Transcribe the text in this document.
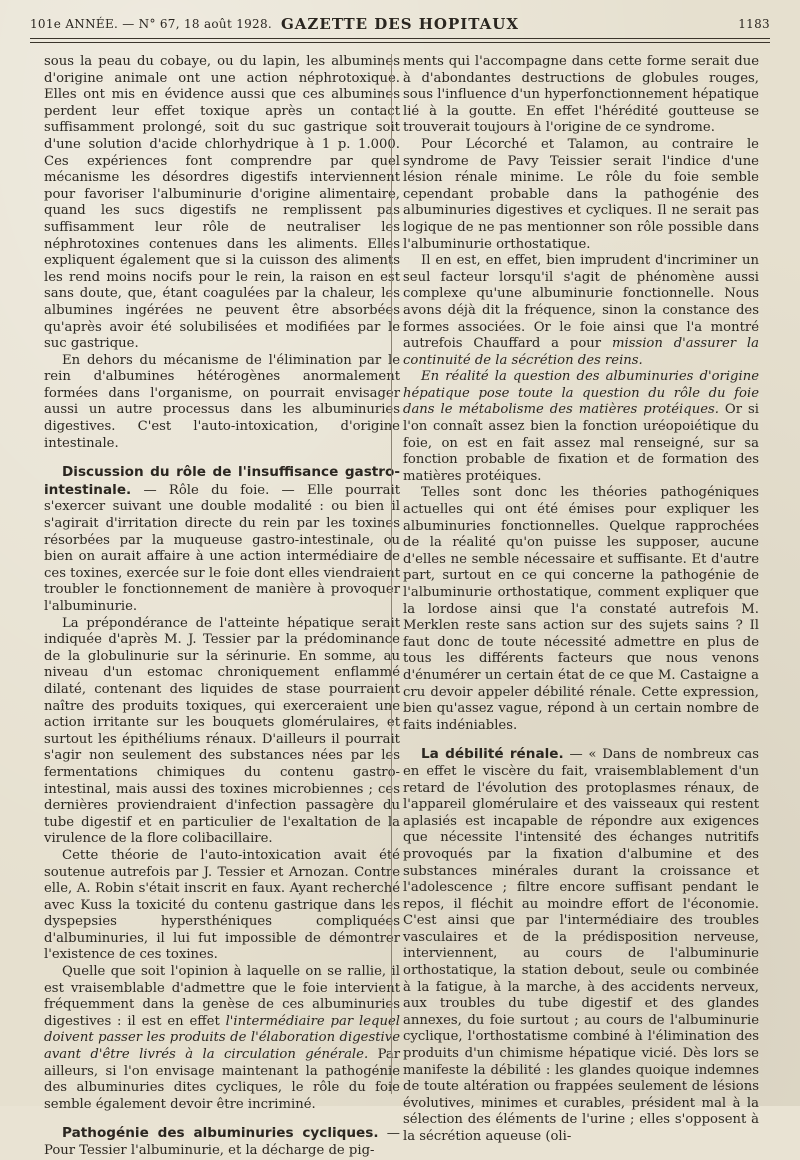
101e ANNÉE. — N° 67, 18 août 1928. GAZETTE DES HOPITAUX	1183

sous la peau du cobaye, ou du lapin, les albumines d'origine animale ont une action néphrotoxique. Elles ont mis en évidence aussi que ces albumines perdent leur effet toxique après un contact suffisamment prolongé, soit du suc gastrique soit d'une solution d'acide chlorhydrique à 1 p. 1.000. Ces expériences font comprendre par quel mécanisme les désordres digestifs interviennent pour favoriser l'albuminurie d'origine alimentaire, quand les sucs digestifs ne remplissent pas suffisamment leur rôle de neutraliser les néphrotoxines contenues dans les aliments. Elles expliquent également que si la cuisson des aliments les rend moins nocifs pour le rein, la raison en est sans doute, que, étant coagulées par la chaleur, les albumines ingérées ne peuvent être absorbées qu'après avoir été solubilisées et modifiées par le suc gastrique.

En dehors du mécanisme de l'élimination par le rein d'albumines hétérogènes anormalement formées dans l'organisme, on pourrait envisager aussi un autre processus dans les albuminuries digestives. C'est l'auto-intoxication, d'origine intestinale.

Discussion du rôle de l'insuffisance gastro-intestinale. — Rôle du foie. — Elle pourrait s'exercer suivant une double modalité : ou bien il s'agirait d'irritation directe du rein par les toxines résorbées par la muqueuse gastro-intestinale, ou bien on aurait affaire à une action intermédiaire de ces toxines, exercée sur le foie dont elles viendraient troubler le fonctionnement de manière à provoquer l'albuminurie.

La prépondérance de l'atteinte hépatique serait indiquée d'après M. J. Tessier par la prédominance de la globulinurie sur la sérinurie. En somme, au niveau d'un estomac chroniquement enflammé dilaté, contenant des liquides de stase pourraient naître des produits toxiques, qui exerceraient une action irritante sur les bouquets glomérulaires, et surtout les épithéliums rénaux. D'ailleurs il pourrait s'agir non seulement des substances nées par les fermentations chimiques du contenu gastro-intestinal, mais aussi des toxines microbiennes ; ces dernières proviendraient d'infection passagère du tube digestif et en particulier de l'exaltation de la virulence de la flore colibacillaire.

Cette théorie de l'auto-intoxication avait été soutenue autrefois par J. Tessier et Arnozan. Contre elle, A. Robin s'était inscrit en faux. Ayant recherché avec Kuss la toxicité du contenu gastrique dans les dyspepsies hypersthéniques compliquées d'albuminuries, il lui fut impossible de démontrer l'existence de ces toxines.

Quelle que soit l'opinion à laquelle on se rallie, il est vraisemblable d'admettre que le foie intervient fréquemment dans la genèse de ces albuminuries digestives : il est en effet l'intermédiaire par lequel doivent passer les produits de l'élaboration digestive avant d'être livrés à la circulation générale. Par ailleurs, si l'on envisage maintenant la pathogénie des albuminuries dites cycliques, le rôle du foie semble également devoir être incriminé.

Pathogénie des albuminuries cycliques. — Pour Tessier l'albuminurie, et la décharge de pig-

ments qui l'accompagne dans cette forme serait due à d'abondantes destructions de globules rouges, sous l'influence d'un hyperfonctionnement hépatique lié à la goutte. En effet l'hérédité goutteuse se trouverait toujours à l'origine de ce syndrome.

Pour Lécorché et Talamon, au contraire le syndrome de Pavy Teissier serait l'indice d'une lésion rénale minime. Le rôle du foie semble cependant probable dans la pathogénie des albuminuries digestives et cycliques. Il ne serait pas logique de ne pas mentionner son rôle possible dans l'albuminurie orthostatique.

Il en est, en effet, bien imprudent d'incriminer un seul facteur lorsqu'il s'agit de phénomène aussi complexe qu'une albuminurie fonctionnelle. Nous avons déjà dit la fréquence, sinon la constance des formes associées. Or le foie ainsi que l'a montré autrefois Chauffard a pour mission d'assurer la continuité de la sécrétion des reins.

En réalité la question des albuminuries d'origine hépatique pose toute la question du rôle du foie dans le métabolisme des matières protéiques. Or si l'on connaît assez bien la fonction uréopoiétique du foie, on est en fait assez mal renseigné, sur sa fonction probable de fixation et de formation des matières protéiques.

Telles sont donc les théories pathogéniques actuelles qui ont été émises pour expliquer les albuminuries fonctionnelles. Quelque rapprochées de la réalité qu'on puisse les supposer, aucune d'elles ne semble nécessaire et suffisante. Et d'autre part, surtout en ce qui concerne la pathogénie de l'albuminurie orthostatique, comment expliquer que la lordose ainsi que l'a constaté autrefois M. Merklen reste sans action sur des sujets sains ? Il faut donc de toute nécessité admettre en plus de tous les différents facteurs que nous venons d'énumérer un certain état de ce que M. Castaigne a cru devoir appeler débilité rénale. Cette expression, bien qu'assez vague, répond à un certain nombre de faits indéniables.

La débilité rénale. — « Dans de nombreux cas en effet le viscère du fait, vraisemblablement d'un retard de l'évolution des protoplasmes rénaux, de l'appareil glomérulaire et des vaisseaux qui restent aplasiés est incapable de répondre aux exigences que nécessite l'intensité des échanges nutritifs provoqués par la fixation d'albumine et des substances minérales durant la croissance et l'adolescence ; filtre encore suffisant pendant le repos, il fléchit au moindre effort de l'économie. C'est ainsi que par l'intermédiaire des troubles vasculaires et de la prédisposition nerveuse, interviennent, au cours de l'albuminurie orthostatique, la station debout, seule ou combinée à la fatigue, à la marche, à des accidents nerveux, aux troubles du tube digestif et des glandes annexes, du foie surtout ; au cours de l'albuminurie cyclique, l'orthostatisme combiné à l'élimination des produits d'un chimisme hépatique vicié. Dès lors se manifeste la débilité : les glandes quoique indemnes de toute altération ou frappées seulement de lésions évolutives, minimes et curables, président mal à la sélection des éléments de l'urine ; elles s'opposent à la sécrétion aqueuse (oli-
